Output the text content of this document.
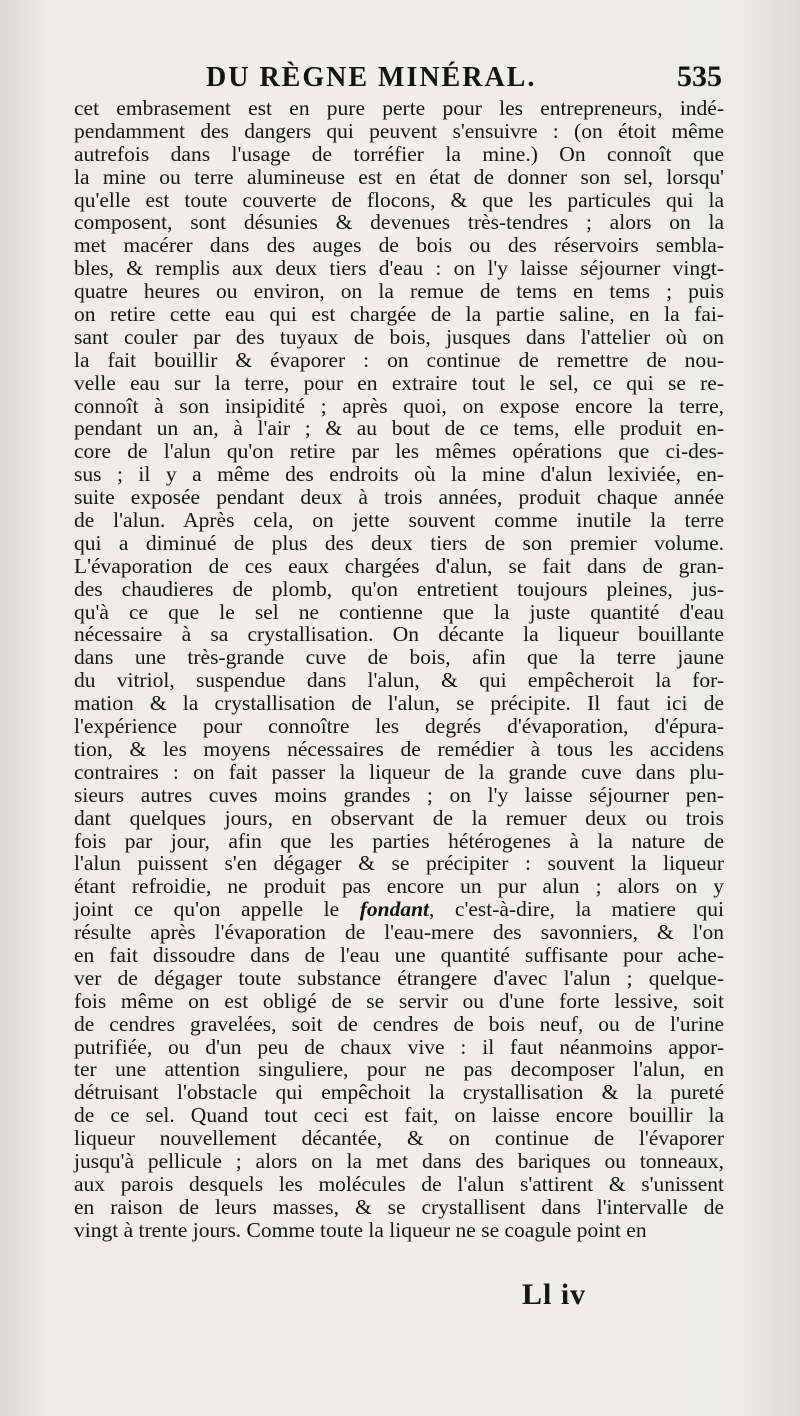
DU RÈGNE MINÉRAL.	535
cet embrasement est en pure perte pour les entrepreneurs, indé-
pendamment des dangers qui peuvent s'ensuivre : (on étoit même
autrefois dans l'usage de torréfier la mine.) On connoît que
la mine ou terre alumineuse est en état de donner son sel, lorsqu'
qu'elle est toute couverte de flocons, & que les particules qui la
composent, sont désunies & devenues très-tendres ; alors on la
met macérer dans des auges de bois ou des réservoirs sembla-
bles, & remplis aux deux tiers d'eau : on l'y laisse séjourner vingt-
quatre heures ou environ, on la remue de tems en tems ; puis
on retire cette eau qui est chargée de la partie saline, en la fai-
sant couler par des tuyaux de bois, jusques dans l'attelier où on
la fait bouillir & évaporer : on continue de remettre de nou-
velle eau sur la terre, pour en extraire tout le sel, ce qui se re-
connoît à son insipidité ; après quoi, on expose encore la terre,
pendant un an, à l'air ; & au bout de ce tems, elle produit en-
core de l'alun qu'on retire par les mêmes opérations que ci-des-
sus ; il y a même des endroits où la mine d'alun lexiviée, en-
suite exposée pendant deux à trois années, produit chaque année
de l'alun. Après cela, on jette souvent comme inutile la terre
qui a diminué de plus des deux tiers de son premier volume.
L'évaporation de ces eaux chargées d'alun, se fait dans de gran-
des chaudieres de plomb, qu'on entretient toujours pleines, jus-
qu'à ce que le sel ne contienne que la juste quantité d'eau
nécessaire à sa crystallisation. On décante la liqueur bouillante
dans une très-grande cuve de bois, afin que la terre jaune
du vitriol, suspendue dans l'alun, & qui empêcheroit la for-
mation & la crystallisation de l'alun, se précipite. Il faut ici de
l'expérience pour connoître les degrés d'évaporation, d'épura-
tion, & les moyens nécessaires de remédier à tous les accidens
contraires : on fait passer la liqueur de la grande cuve dans plu-
sieurs autres cuves moins grandes ; on l'y laisse séjourner pen-
dant quelques jours, en observant de la remuer deux ou trois
fois par jour, afin que les parties hétérogenes à la nature de
l'alun puissent s'en dégager & se précipiter : souvent la liqueur
étant refroidie, ne produit pas encore un pur alun ; alors on y
joint ce qu'on appelle le fondant, c'est-à-dire, la matiere qui
résulte après l'évaporation de l'eau-mere des savonniers, & l'on
en fait dissoudre dans de l'eau une quantité suffisante pour ache-
ver de dégager toute substance étrangere d'avec l'alun ; quelque-
fois même on est obligé de se servir ou d'une forte lessive, soit
de cendres gravelées, soit de cendres de bois neuf, ou de l'urine
putrifiée, ou d'un peu de chaux vive : il faut néanmoins appor-
ter une attention singuliere, pour ne pas decomposer l'alun, en
détruisant l'obstacle qui empêchoit la crystallisation & la pureté
de ce sel. Quand tout ceci est fait, on laisse encore bouillir la
liqueur nouvellement décantée, & on continue de l'évaporer
jusqu'à pellicule ; alors on la met dans des bariques ou tonneaux,
aux parois desquels les molécules de l'alun s'attirent & s'unissent
en raison de leurs masses, & se crystallisent dans l'intervalle de
vingt à trente jours. Comme toute la liqueur ne se coagule point en
Ll iv
